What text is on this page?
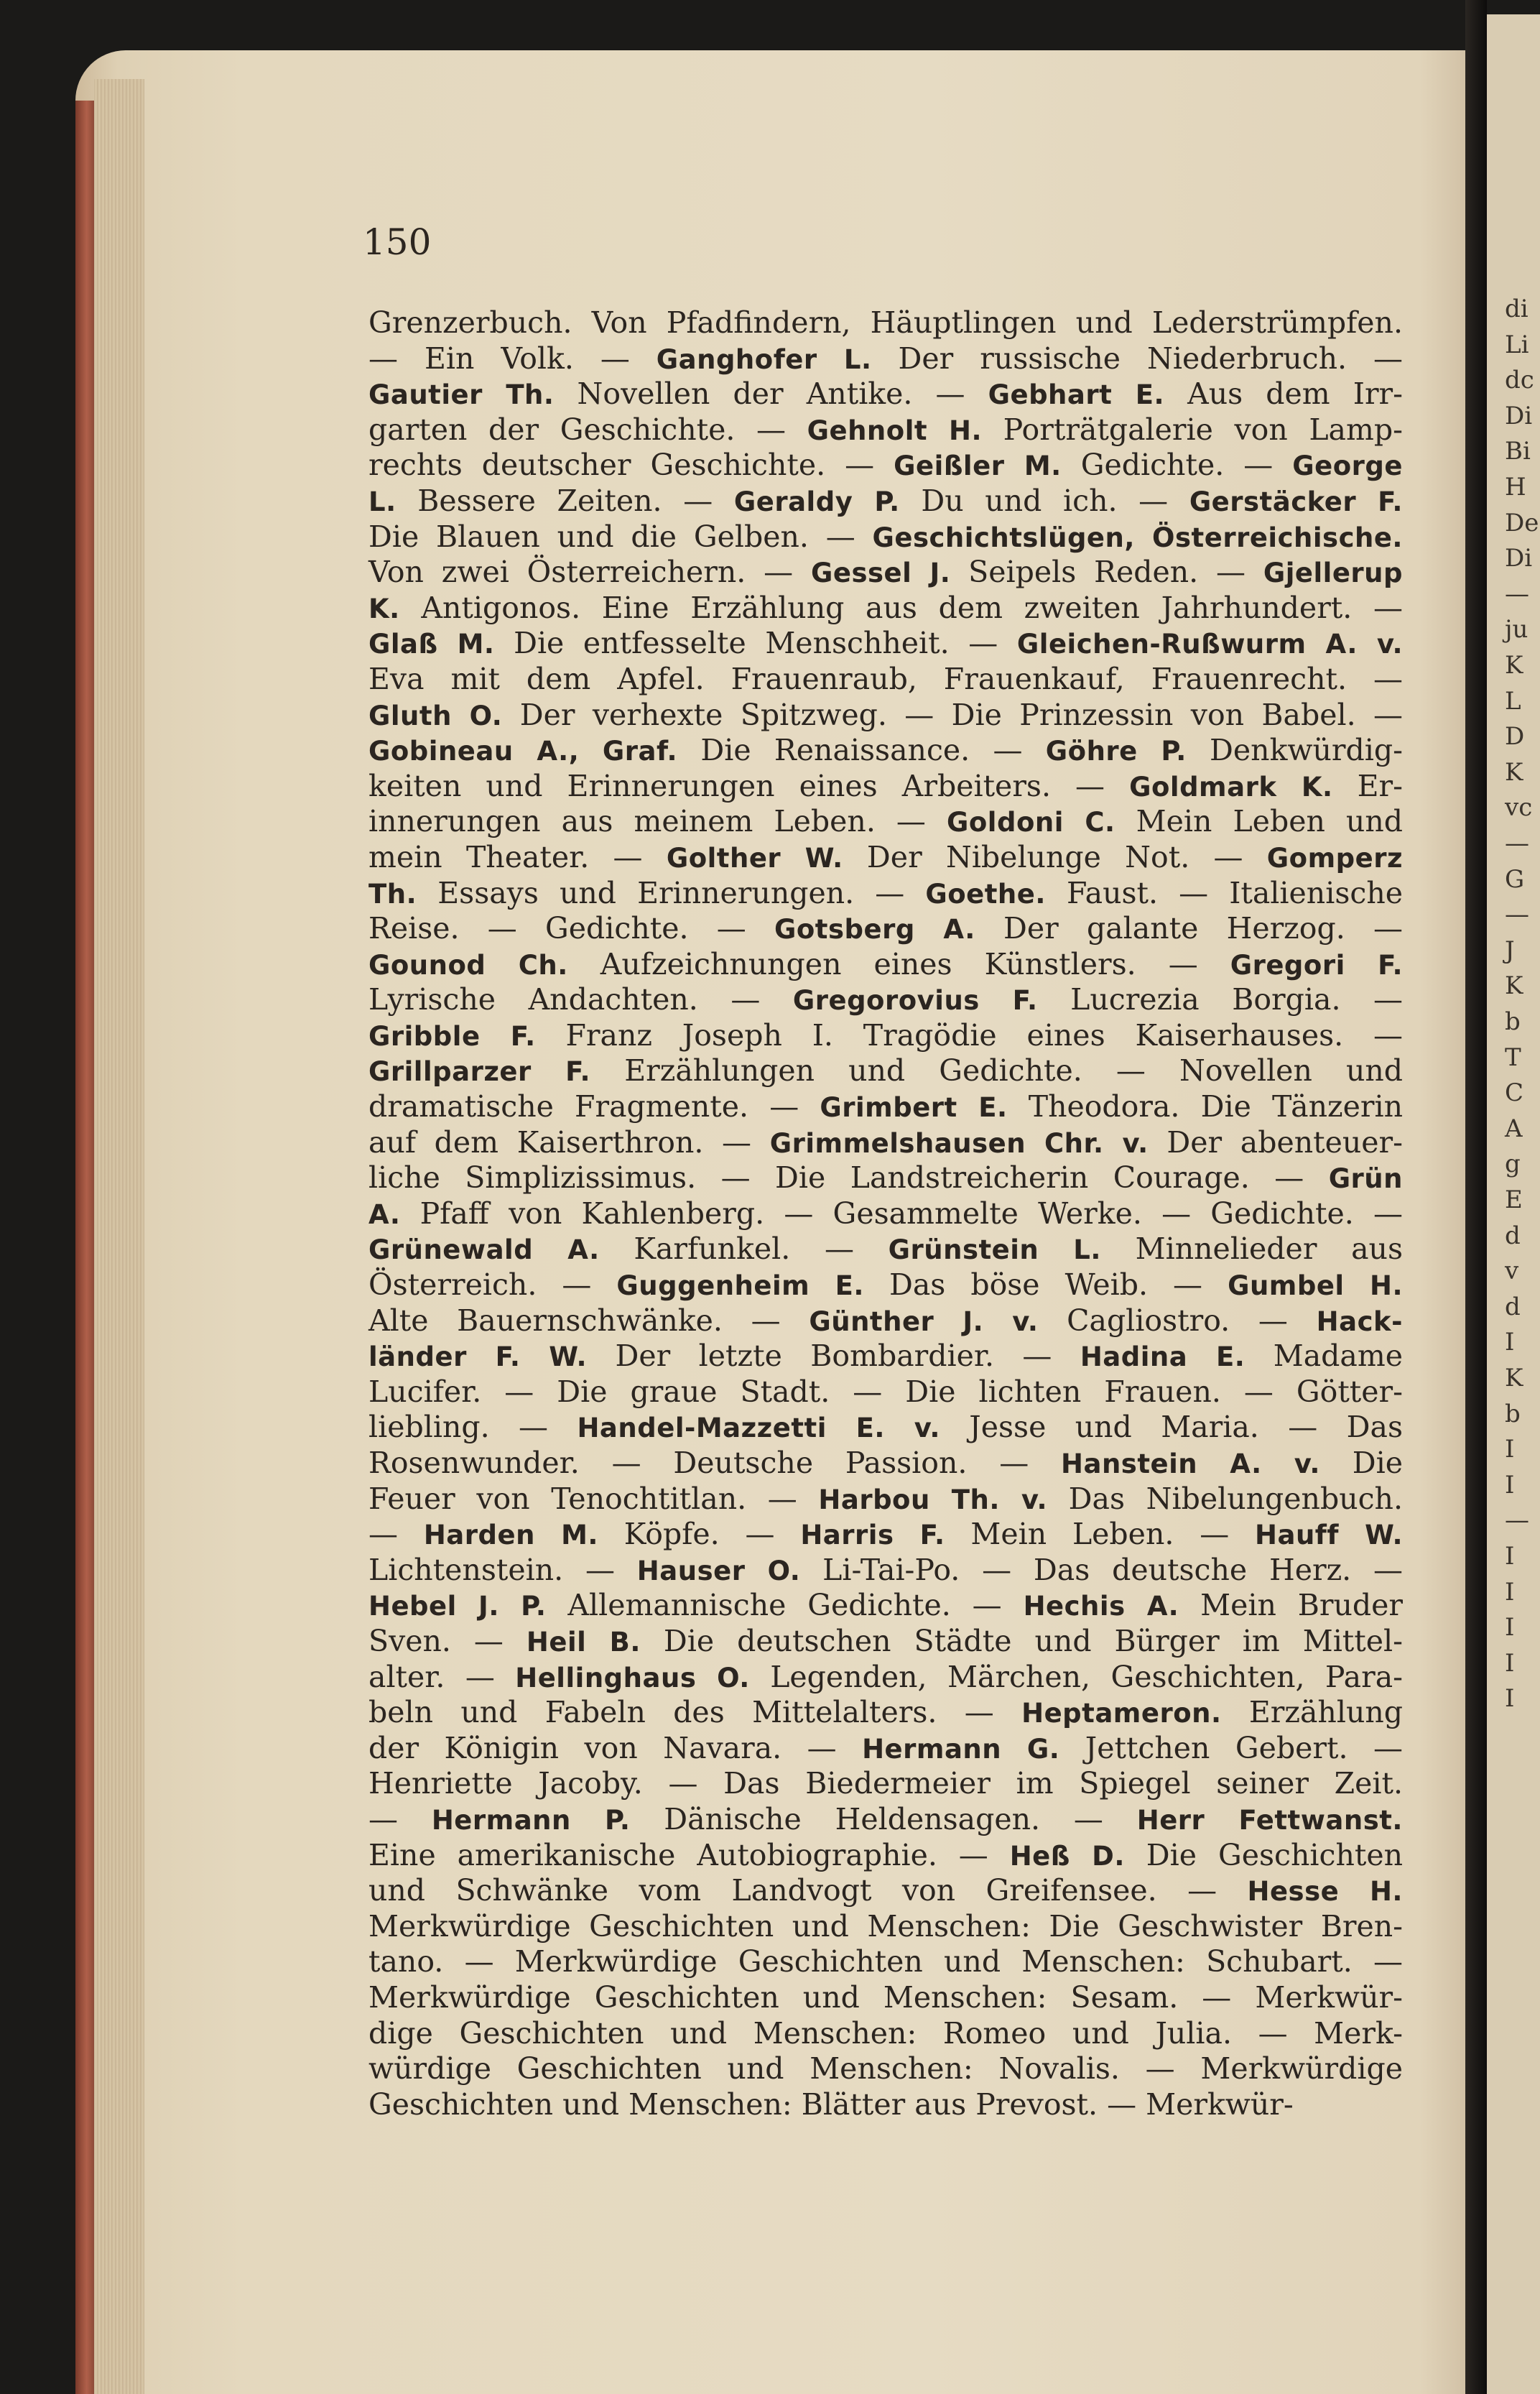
150
Grenzerbuch. Von Pfadfindern, Häuptlingen und Lederstrümpfen.
— Ein Volk. — Ganghofer L. Der russische Niederbruch. —
Gautier Th. Novellen der Antike. — Gebhart E. Aus dem Irr-
garten der Geschichte. — Gehnolt H. Porträtgalerie von Lamp-
rechts deutscher Geschichte. — Geißler M. Gedichte. — George
L. Bessere Zeiten. — Geraldy P. Du und ich. — Gerstäcker F.
Die Blauen und die Gelben. — Geschichtslügen, Österreichische.
Von zwei Österreichern. — Gessel J. Seipels Reden. — Gjellerup
K. Antigonos. Eine Erzählung aus dem zweiten Jahrhundert. —
Glaß M. Die entfesselte Menschheit. — Gleichen-Rußwurm A. v.
Eva mit dem Apfel. Frauenraub, Frauenkauf, Frauenrecht. —
Gluth O. Der verhexte Spitzweg. — Die Prinzessin von Babel. —
Gobineau A., Graf. Die Renaissance. — Göhre P. Denkwürdig-
keiten und Erinnerungen eines Arbeiters. — Goldmark K. Er-
innerungen aus meinem Leben. — Goldoni C. Mein Leben und
mein Theater. — Golther W. Der Nibelunge Not. — Gomperz
Th. Essays und Erinnerungen. — Goethe. Faust. — Italienische
Reise. — Gedichte. — Gotsberg A. Der galante Herzog. —
Gounod Ch. Aufzeichnungen eines Künstlers. — Gregori F.
Lyrische Andachten. — Gregorovius F. Lucrezia Borgia. —
Gribble F. Franz Joseph I. Tragödie eines Kaiserhauses. —
Grillparzer F. Erzählungen und Gedichte. — Novellen und
dramatische Fragmente. — Grimbert E. Theodora. Die Tänzerin
auf dem Kaiserthron. — Grimmelshausen Chr. v. Der abenteuer-
liche Simplizissimus. — Die Landstreicherin Courage. — Grün
A. Pfaff von Kahlenberg. — Gesammelte Werke. — Gedichte. —
Grünewald A. Karfunkel. — Grünstein L. Minnelieder aus
Österreich. — Guggenheim E. Das böse Weib. — Gumbel H.
Alte Bauernschwänke. — Günther J. v. Cagliostro. — Hack-
länder F. W. Der letzte Bombardier. — Hadina E. Madame
Lucifer. — Die graue Stadt. — Die lichten Frauen. — Götter-
liebling. — Handel-Mazzetti E. v. Jesse und Maria. — Das
Rosenwunder. — Deutsche Passion. — Hanstein A. v. Die
Feuer von Tenochtitlan. — Harbou Th. v. Das Nibelungenbuch.
— Harden M. Köpfe. — Harris F. Mein Leben. — Hauff W.
Lichtenstein. — Hauser O. Li-Tai-Po. — Das deutsche Herz. —
Hebel J. P. Allemannische Gedichte. — Hechis A. Mein Bruder
Sven. — Heil B. Die deutschen Städte und Bürger im Mittel-
alter. — Hellinghaus O. Legenden, Märchen, Geschichten, Para-
beln und Fabeln des Mittelalters. — Heptameron. Erzählung
der Königin von Navara. — Hermann G. Jettchen Gebert. —
Henriette Jacoby. — Das Biedermeier im Spiegel seiner Zeit.
— Hermann P. Dänische Heldensagen. — Herr Fettwanst.
Eine amerikanische Autobiographie. — Heß D. Die Geschichten
und Schwänke vom Landvogt von Greifensee. — Hesse H.
Merkwürdige Geschichten und Menschen: Die Geschwister Bren-
tano. — Merkwürdige Geschichten und Menschen: Schubart. —
Merkwürdige Geschichten und Menschen: Sesam. — Merkwür-
dige Geschichten und Menschen: Romeo und Julia. — Merk-
würdige Geschichten und Menschen: Novalis. — Merkwürdige
Geschichten und Menschen: Blätter aus Prevost. — Merkwür-
di
Li
dc
Di
Bi
H
De
Di
—
ju
K
L
D
K
vc
—
G
—
J
K
b
T
C
A
g
E
d
v
d
I
K
b
I
I
—
I
I
I
I
I
